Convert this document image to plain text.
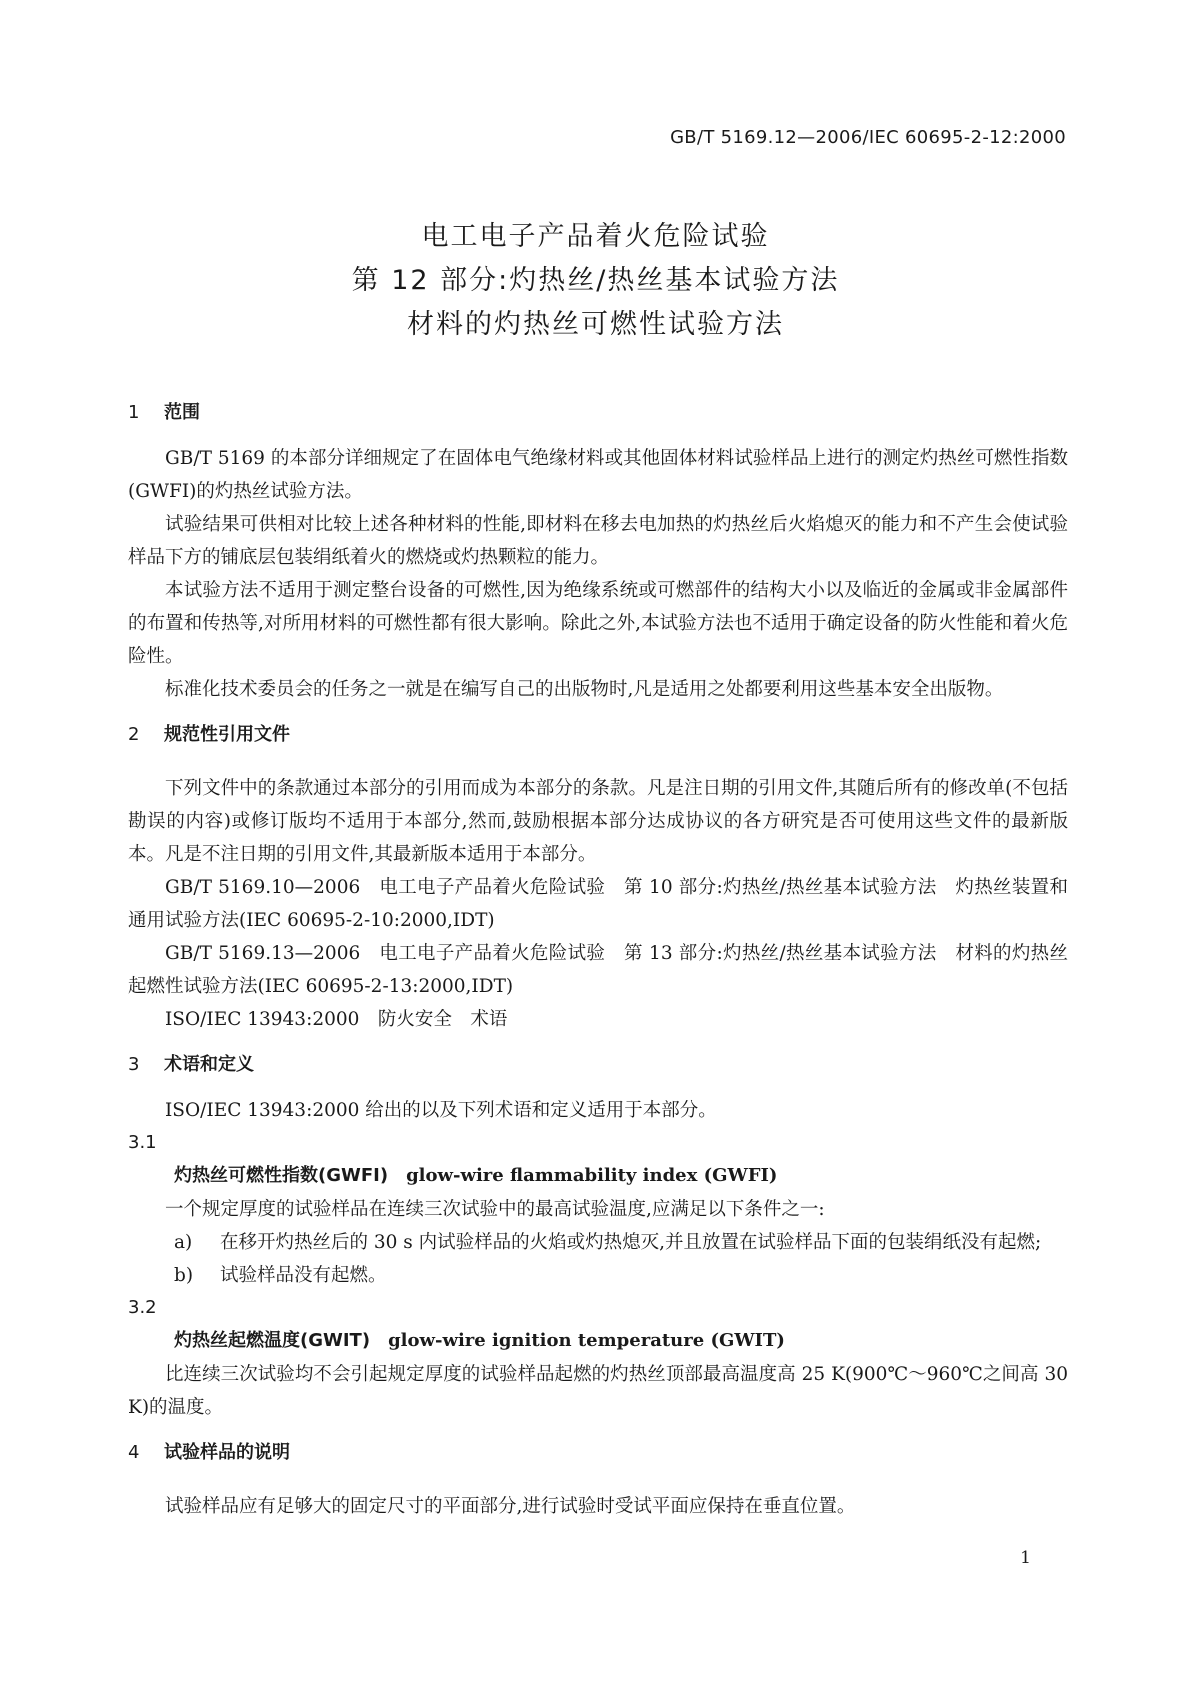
GB/T 5169.12—2006/IEC 60695-2-12:2000
电工电子产品着火危险试验
第 12 部分:灼热丝/热丝基本试验方法
材料的灼热丝可燃性试验方法
1 范围

GB/T 5169 的本部分详细规定了在固体电气绝缘材料或其他固体材料试验样品上进行的测定灼热丝可燃性指数(GWFI)的灼热丝试验方法。

试验结果可供相对比较上述各种材料的性能,即材料在移去电加热的灼热丝后火焰熄灭的能力和不产生会使试验样品下方的铺底层包装绢纸着火的燃烧或灼热颗粒的能力。

本试验方法不适用于测定整台设备的可燃性,因为绝缘系统或可燃部件的结构大小以及临近的金属或非金属部件的布置和传热等,对所用材料的可燃性都有很大影响。除此之外,本试验方法也不适用于确定设备的防火性能和着火危险性。

标准化技术委员会的任务之一就是在编写自己的出版物时,凡是适用之处都要利用这些基本安全出版物。

2 规范性引用文件

下列文件中的条款通过本部分的引用而成为本部分的条款。凡是注日期的引用文件,其随后所有的修改单(不包括勘误的内容)或修订版均不适用于本部分,然而,鼓励根据本部分达成协议的各方研究是否可使用这些文件的最新版本。凡是不注日期的引用文件,其最新版本适用于本部分。

GB/T 5169.10—2006　电工电子产品着火危险试验　第 10 部分:灼热丝/热丝基本试验方法　灼热丝装置和通用试验方法(IEC 60695-2-10:2000,IDT)

GB/T 5169.13—2006　电工电子产品着火危险试验　第 13 部分:灼热丝/热丝基本试验方法　材料的灼热丝起燃性试验方法(IEC 60695-2-13:2000,IDT)

ISO/IEC 13943:2000　防火安全　术语

3 术语和定义

ISO/IEC 13943:2000 给出的以及下列术语和定义适用于本部分。

3.1
灼热丝可燃性指数(GWFI)　 glow-wire flammability index (GWFI)

一个规定厚度的试验样品在连续三次试验中的最高试验温度,应满足以下条件之一:

a) 在移开灼热丝后的 30 s 内试验样品的火焰或灼热熄灭,并且放置在试验样品下面的包装绢纸没有起燃;
b) 试验样品没有起燃。
3.2
灼热丝起燃温度(GWIT)　 glow-wire ignition temperature (GWIT)

比连续三次试验均不会引起规定厚度的试验样品起燃的灼热丝顶部最高温度高 25 K(900℃～960℃之间高 30 K)的温度。

4 试验样品的说明

试验样品应有足够大的固定尺寸的平面部分,进行试验时受试平面应保持在垂直位置。

1
